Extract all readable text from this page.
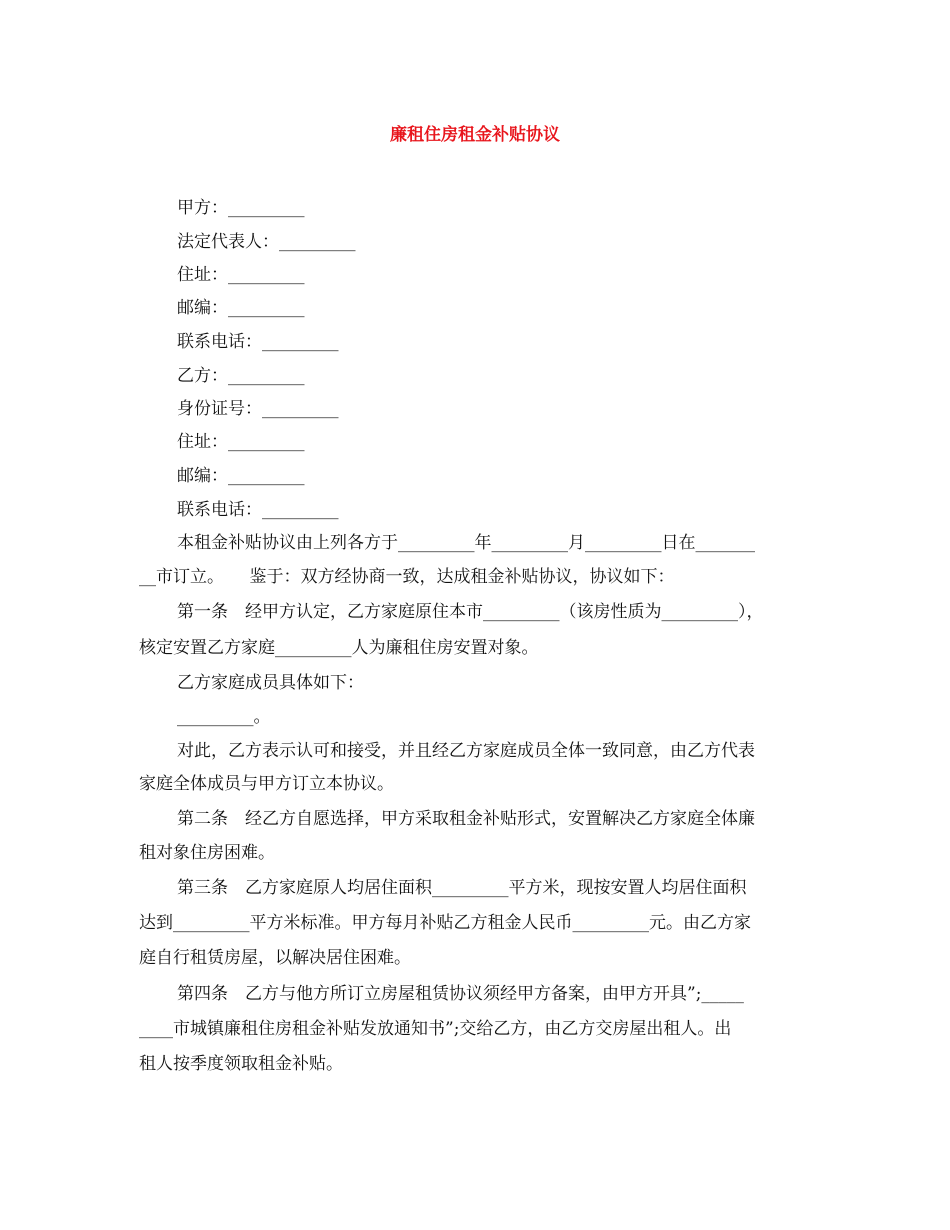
廉租住房租金补贴协议
甲方：_________
法定代表人：_________
住址：_________
邮编：_________
联系电话：_________
乙方：_________
身份证号：_________
住址：_________
邮编：_________
联系电话：_________
本租金补贴协议由上列各方于_________年_________月_________日在_______
__市订立。　　鉴于：双方经协商一致，达成租金补贴协议，协议如下：
第一条　经甲方认定，乙方家庭原住本市_________（该房性质为_________），
核定安置乙方家庭_________人为廉租住房安置对象。
乙方家庭成员具体如下：
_________。
对此，乙方表示认可和接受，并且经乙方家庭成员全体一致同意，由乙方代表
家庭全体成员与甲方订立本协议。
第二条　经乙方自愿选择，甲方采取租金补贴形式，安置解决乙方家庭全体廉
租对象住房困难。
第三条　乙方家庭原人均居住面积_________平方米，现按安置人均居住面积
达到_________平方米标准。甲方每月补贴乙方租金人民币_________元。由乙方家
庭自行租赁房屋，以解决居住困难。
第四条　乙方与他方所订立房屋租赁协议须经甲方备案，由甲方开具”;_____
____市城镇廉租住房租金补贴发放通知书”;交给乙方，由乙方交房屋出租人。出
租人按季度领取租金补贴。
